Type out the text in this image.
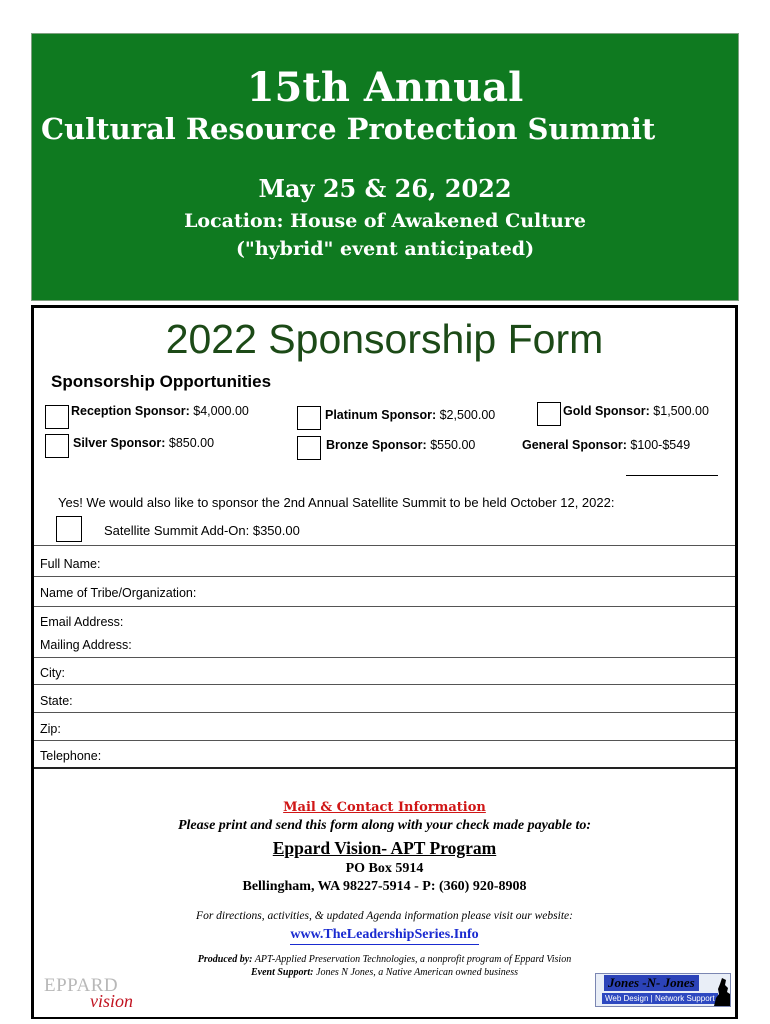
15th Annual
Cultural Resource Protection Summit
May 25 & 26, 2022
Location: House of Awakened Culture
("hybrid" event anticipated)
2022 Sponsorship Form
Sponsorship Opportunities
Reception Sponsor: $4,000.00	Platinum Sponsor: $2,500.00	Gold Sponsor: $1,500.00
Silver Sponsor: $850.00	Bronze Sponsor: $550.00	General Sponsor: $100-$549
Yes! We would also like to sponsor the 2nd Annual Satellite Summit to be held October 12, 2022:
Satellite Summit Add-On: $350.00
Full Name:
Name of Tribe/Organization:
Email Address:
Mailing Address:
City:
State:
Zip:
Telephone:
Mail & Contact Information
Please print and send this form along with your check made payable to:
Eppard Vision- APT Program
PO Box 5914
Bellingham, WA 98227-5914 - P: (360) 920-8908
For directions, activities, & updated Agenda information please visit our website:
www.TheLeadershipSeries.Info
Produced by: APT-Applied Preservation Technologies, a nonprofit program of Eppard Vision
Event Support: Jones N Jones, a Native American owned business
EPPARD
vision
Jones -N- Jones
Web Design | Network Support
